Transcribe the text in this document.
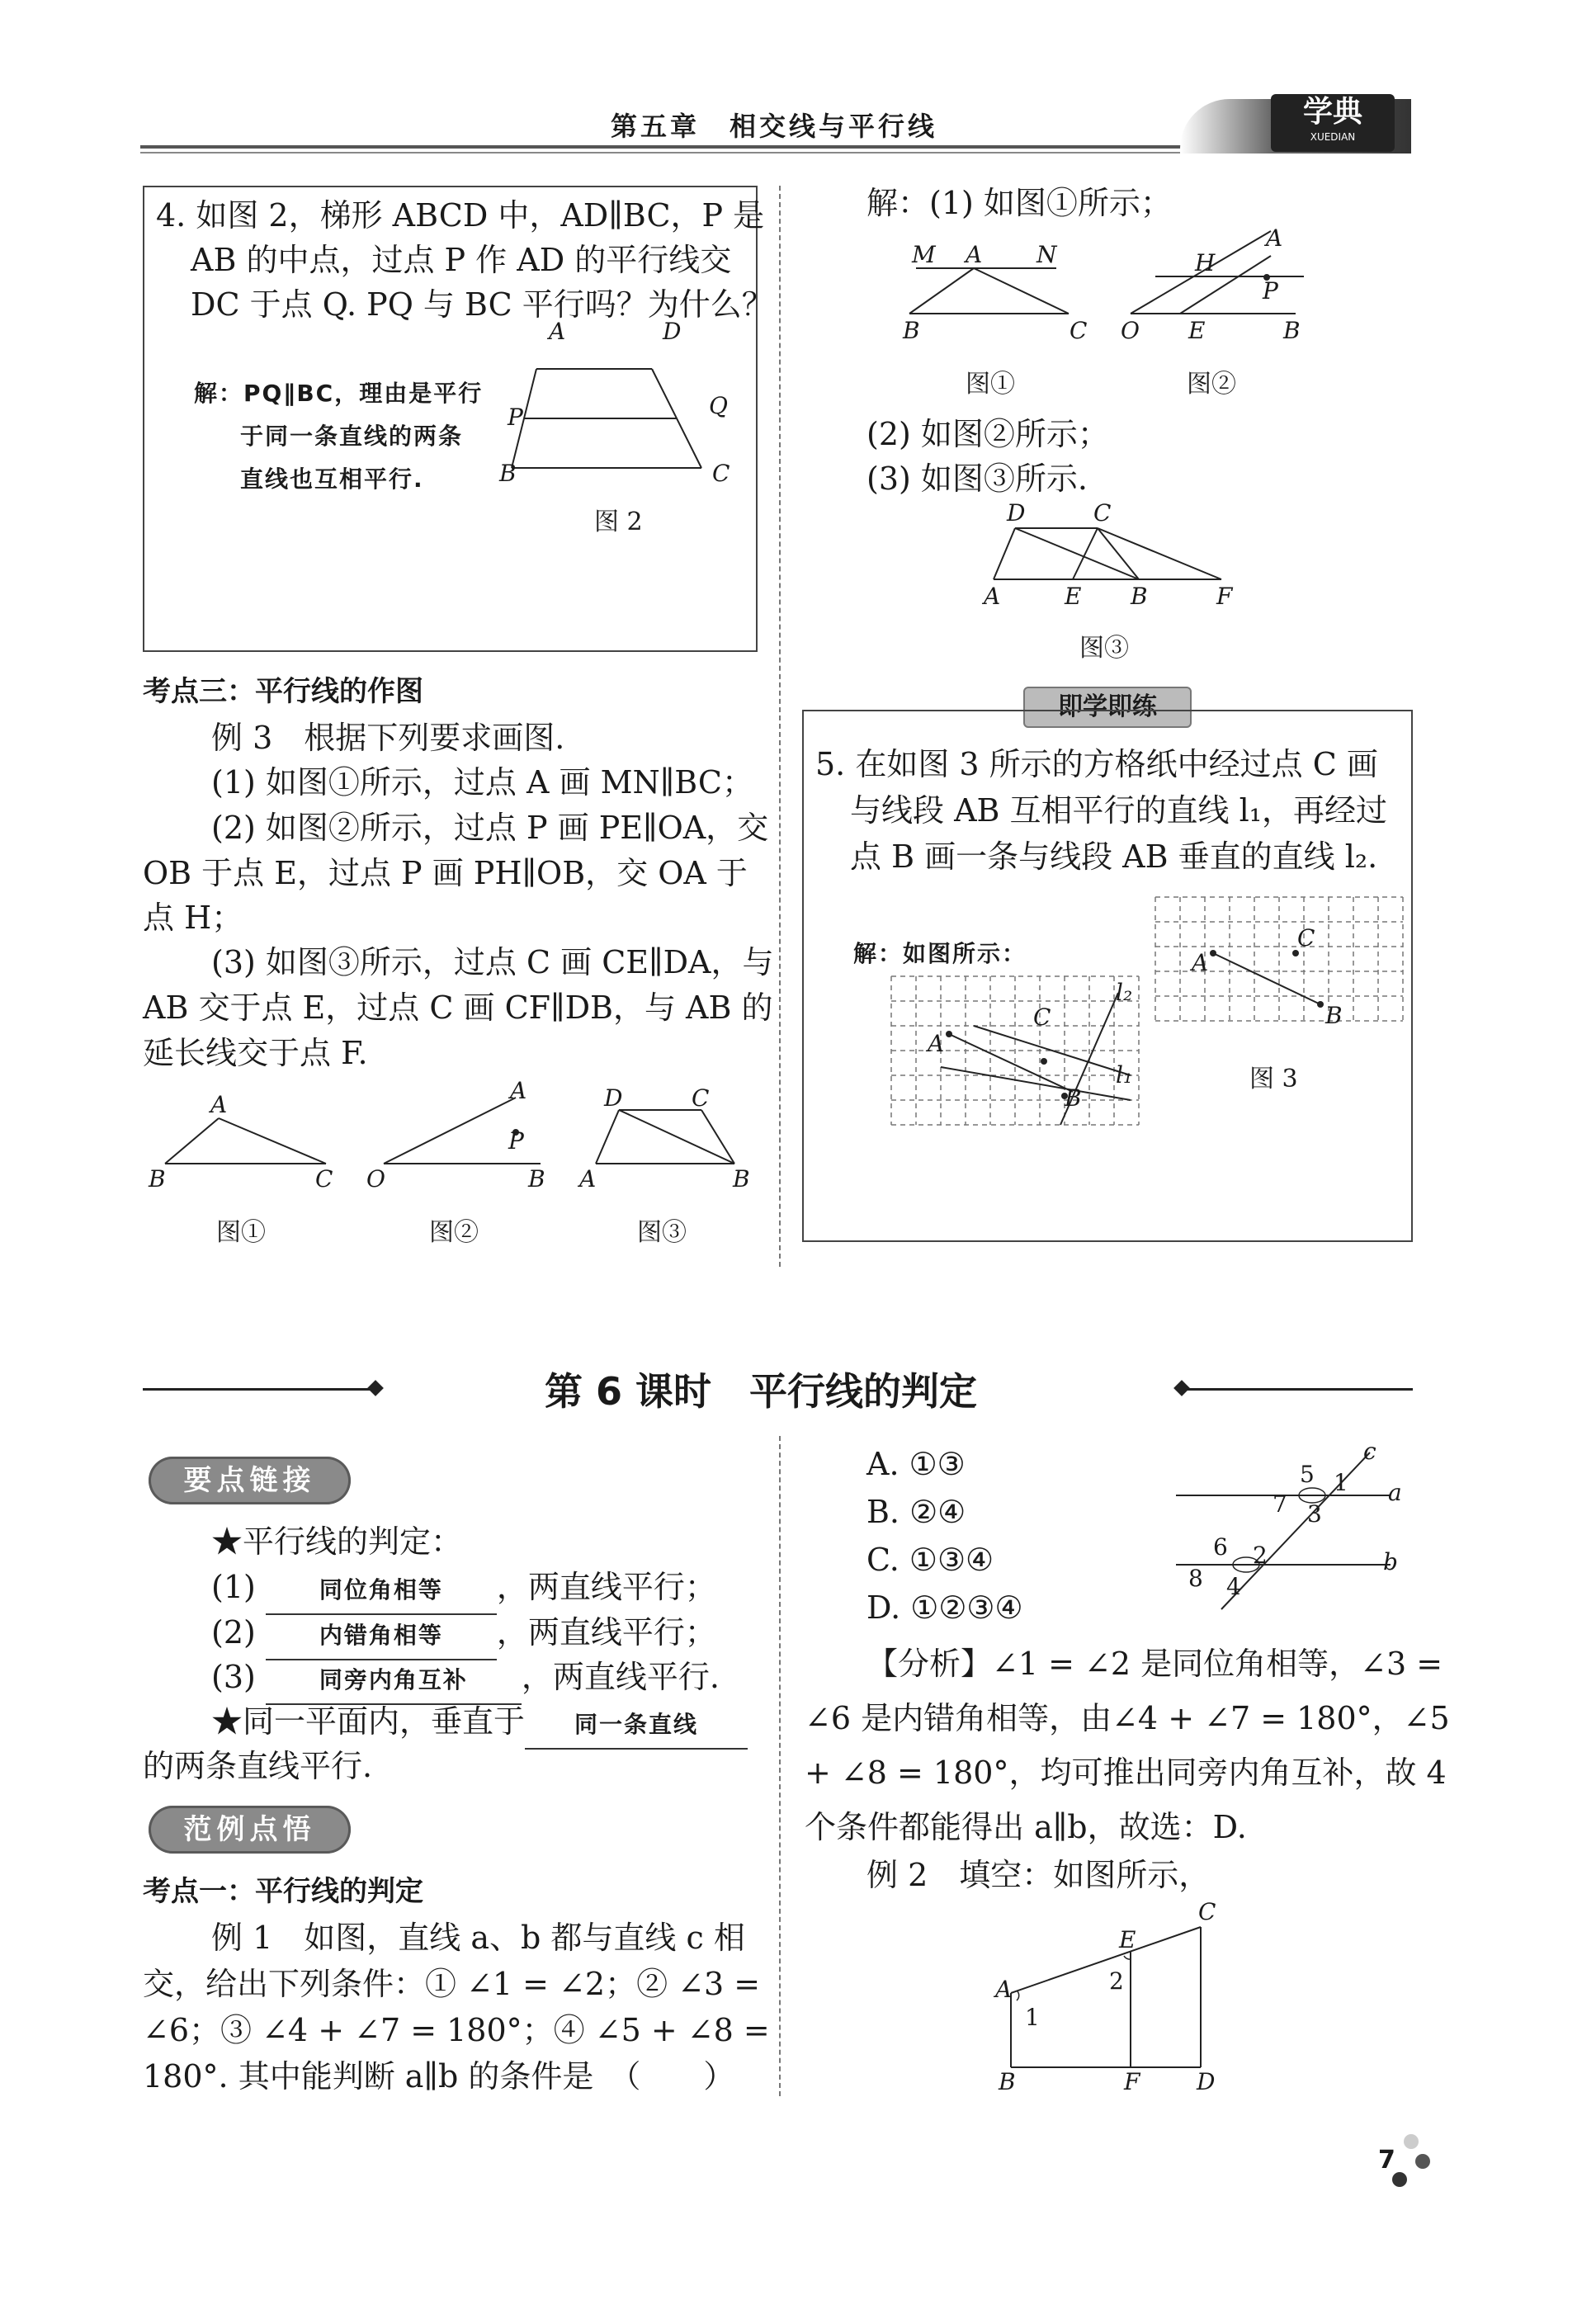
第五章　相交线与平行线	学典
XUEDIAN
4. 如图 2，梯形 ABCD 中，AD∥BC，P 是
AB 的中点，过点 P 作 AD 的平行线交
DC 于点 Q. PQ 与 BC 平行吗？为什么？
解：PQ∥BC，理由是平行
于同一条直线的两条
直线也互相平行.
A	D
P	Q
B	C
图 2
解：(1) 如图①所示；
M A N
B	C
图①
A
H
P
O E	B
图②
(2) 如图②所示；
(3) 如图③所示.
D	C
A	E B	F
图③
考点三：平行线的作图
例 3　根据下列要求画图.
(1) 如图①所示，过点 A 画 MN∥BC；
(2) 如图②所示，过点 P 画 PE∥OA，交
OB 于点 E，过点 P 画 PH∥OB，交 OA 于
点 H；
(3) 如图③所示，过点 C 画 CE∥DA，与
AB 交于点 E，过点 C 画 CF∥DB，与 AB 的
延长线交于点 F.
A
B	C
图①
A
P
O	B
图②
D	C
A	B
图③
即学即练
5. 在如图 3 所示的方格纸中经过点 C 画
与线段 AB 互相平行的直线 l₁，再经过
点 B 画一条与线段 AB 垂直的直线 l₂.
解：如图所示：
图 3
A
C
B
l₂
l₁
A
C
B
第 6 课时　平行线的判定
要点链接
★平行线的判定：
(1)	同位角相等 ，两直线平行；
(2)	内错角相等 ，两直线平行；
(3)	同旁内角互补 ，两直线平行.
★同一平面内，垂直于 同一条直线
的两条直线平行.
范例点悟
考点一：平行线的判定
例 1　如图，直线 a、b 都与直线 c 相
交，给出下列条件：① ∠1 = ∠2；② ∠3 =
∠6；③ ∠4 + ∠7 = 180°；④ ∠5 + ∠8 =
180°. 其中能判断 a∥b 的条件是　（　　）
A. ①③
B. ②④
C. ①③④
D. ①②③④
c
5 1 a
7 3
6 2	b
8 4
【分析】∠1 = ∠2 是同位角相等，∠3 =
∠6 是内错角相等，由∠4 + ∠7 = 180°，∠5
+ ∠8 = 180°，均可推出同旁内角互补，故 4
个条件都能得出 a∥b，故选：D.
例 2　填空：如图所示，
C
E
A	2
1
B	F D
7
